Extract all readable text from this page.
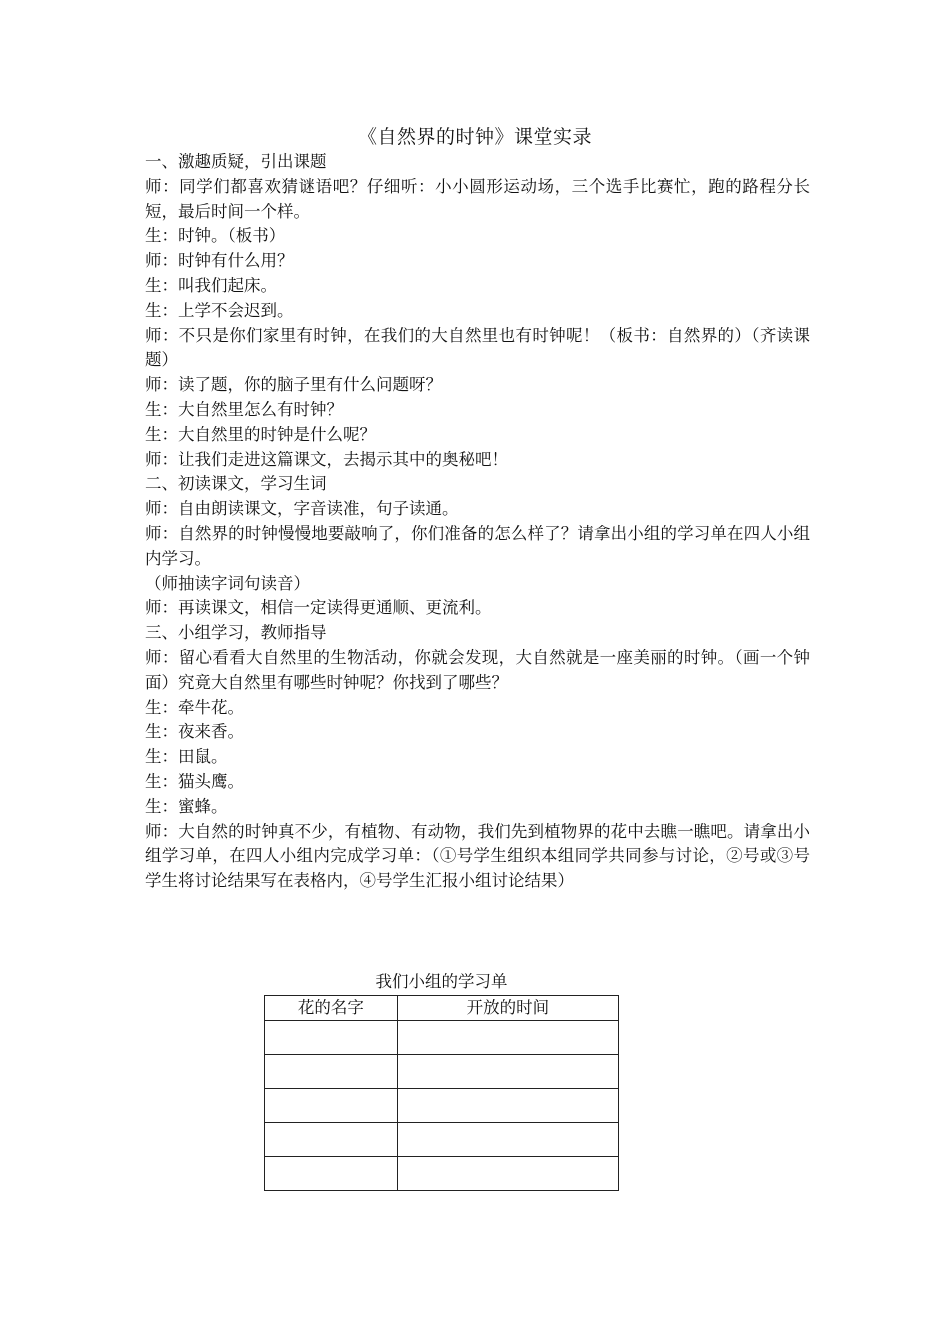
《自然界的时钟》课堂实录

一、激趣质疑，引出课题

师：同学们都喜欢猜谜语吧？仔细听：小小圆形运动场，三个选手比赛忙，跑的路程分长短，最后时间一个样。

生：时钟。（板书）

师：时钟有什么用？

生：叫我们起床。

生：上学不会迟到。

师：不只是你们家里有时钟，在我们的大自然里也有时钟呢！（板书：自然界的）（齐读课题）

师：读了题，你的脑子里有什么问题呀？

生：大自然里怎么有时钟？

生：大自然里的时钟是什么呢？

师：让我们走进这篇课文，去揭示其中的奥秘吧！

二、初读课文，学习生词

师：自由朗读课文，字音读准，句子读通。

师：自然界的时钟慢慢地要敲响了，你们准备的怎么样了？请拿出小组的学习单在四人小组内学习。

（师抽读字词句读音）

师：再读课文，相信一定读得更通顺、更流利。

三、小组学习，教师指导

师：留心看看大自然里的生物活动，你就会发现，大自然就是一座美丽的时钟。（画一个钟面）究竟大自然里有哪些时钟呢？你找到了哪些？

生：牵牛花。

生：夜来香。

生：田鼠。

生：猫头鹰。

生：蜜蜂。

师：大自然的时钟真不少，有植物、有动物，我们先到植物界的花中去瞧一瞧吧。请拿出小组学习单，在四人小组内完成学习单：（①号学生组织本组同学共同参与讨论，②号或③号学生将讨论结果写在表格内，④号学生汇报小组讨论结果）

我们小组的学习单
花的名字	开放的时间
